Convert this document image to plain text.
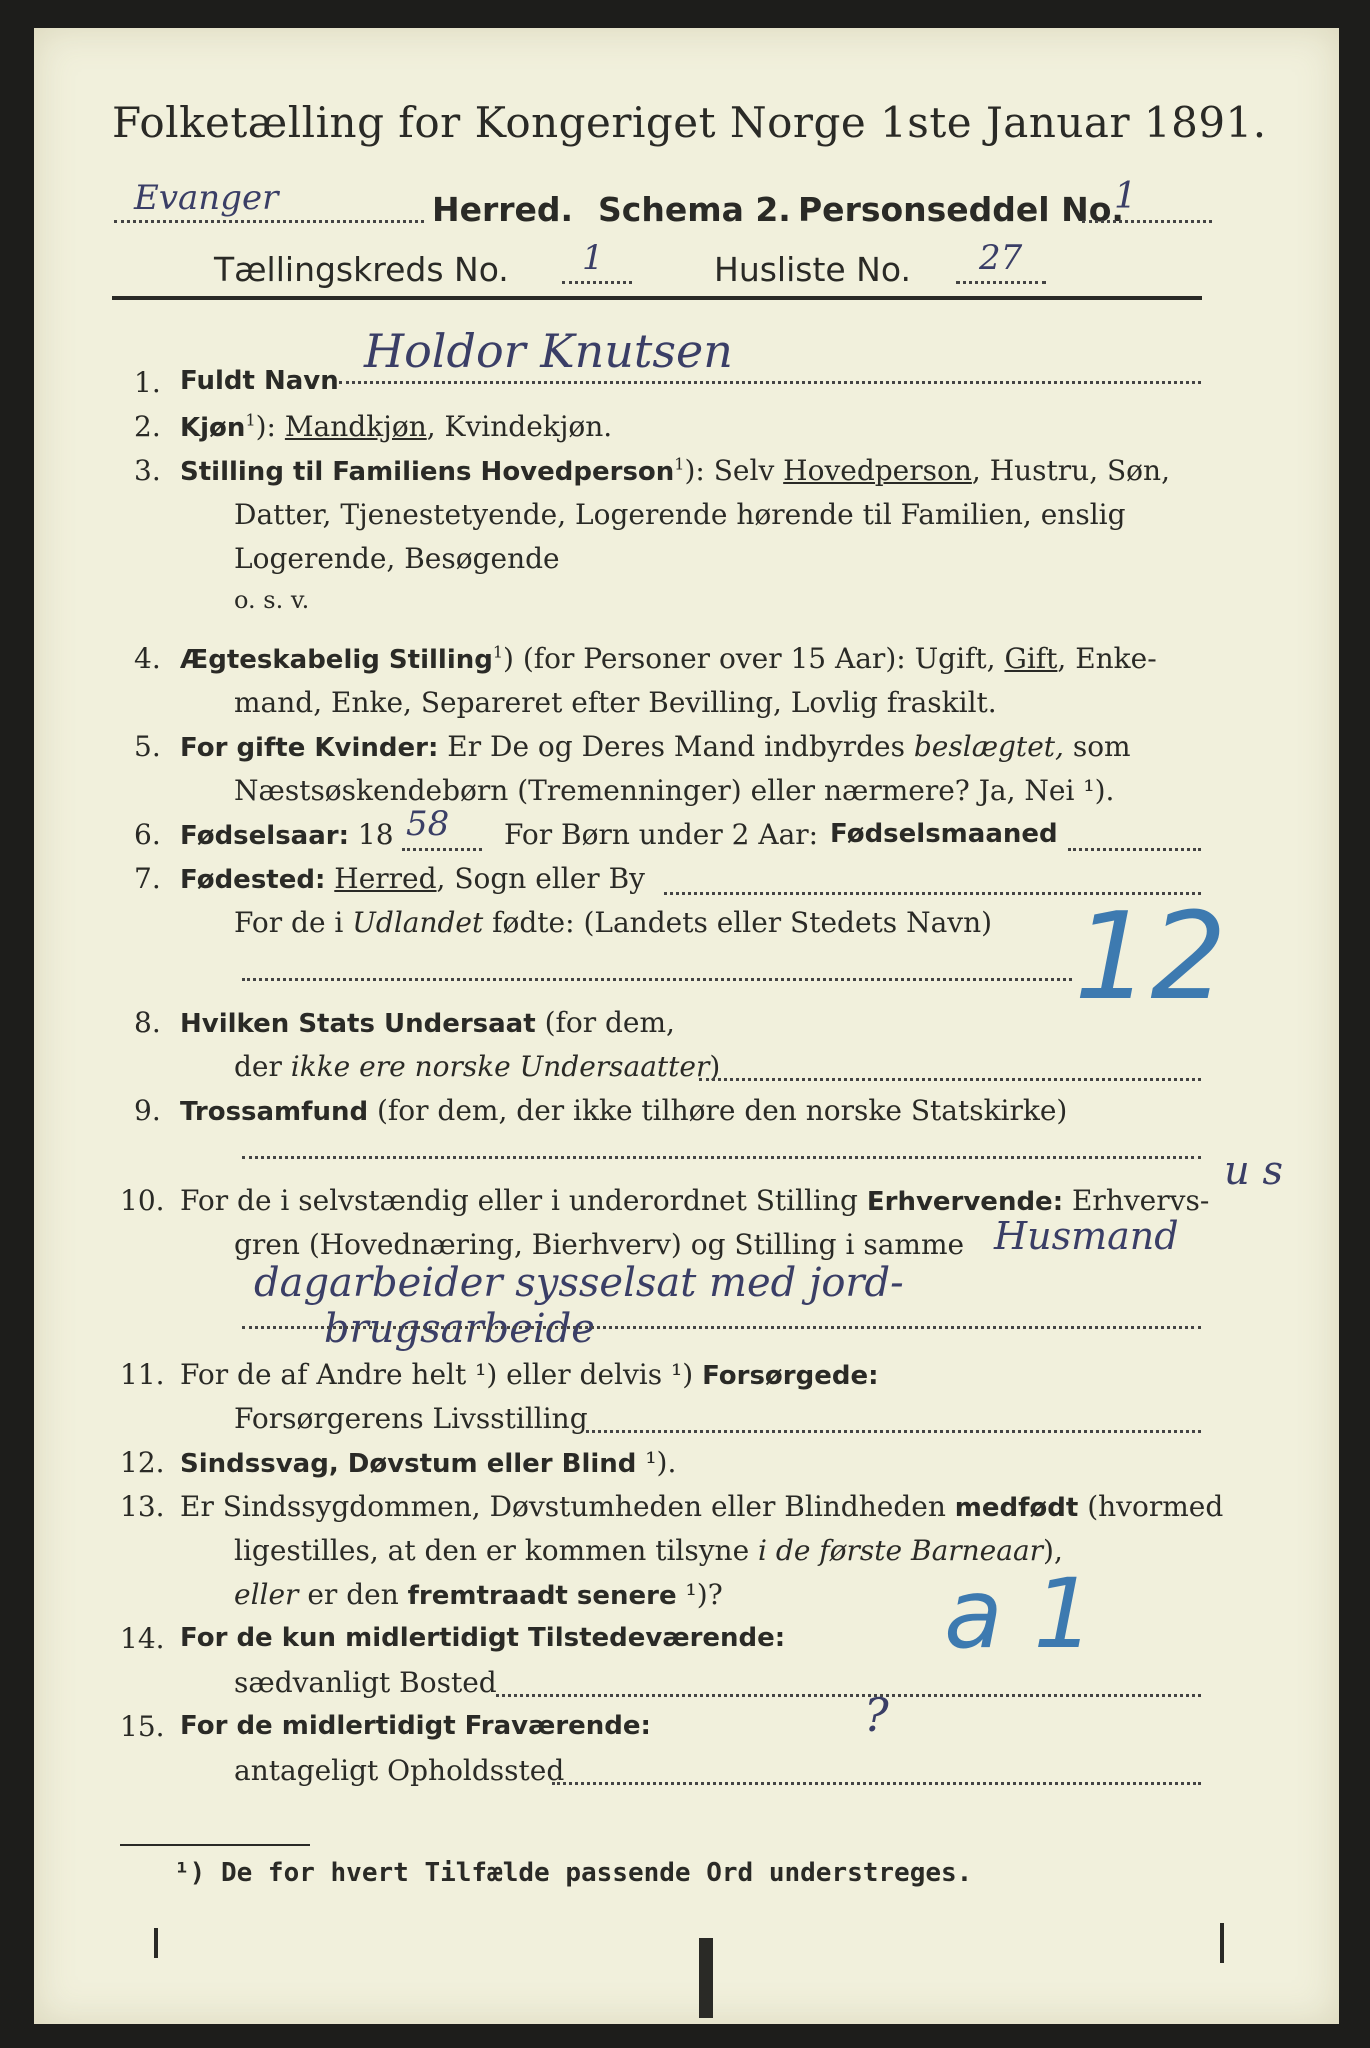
Folketælling for Kongeriget Norge 1ste Januar 1891.
Evanger	Herred. Schema 2. Personseddel No.
1
Tællingskreds No. 1	Husliste No. 27
1. Fuldt Navn
Holdor Knutsen
2. Kjøn$^1$): Mandkjøn, Kvindekjøn.
3. Stilling til Familiens Hovedperson$^1$): Selv Hovedperson, Hustru, Søn,
Datter, Tjenestetyende, Logerende hørende til Familien, enslig
Logerende, Besøgende
o. s. v.
4. Ægteskabelig Stilling$^1$) (for Personer over 15 Aar): Ugift, Gift, Enke-
mand, Enke, Separeret efter Bevilling, Lovlig fraskilt.
5. For gifte Kvinder: Er De og Deres Mand indbyrdes beslægtet, som
Næstsøskendebørn (Tremenninger) eller nærmere? Ja, Nei ¹).
6. Fødselsaar: 18 58 For Børn under 2 Aar: Fødselsmaaned
7. Fødested: Herred, Sogn eller By
For de i Udlandet fødte: (Landets eller Stedets Navn) 12
8. Hvilken Stats Undersaat (for dem,
der ikke ere norske Undersaatter)
9. Trossamfund (for dem, der ikke tilhøre den norske Statskirke)
10. For de i selvstændig eller i underordnet Stilling Erhvervende: Erhvervs-
u s
gren (Hovednæring, Bierhverv) og Stilling i samme Husmand
dagarbeider sysselsat med jord-
brugsarbeide
11. For de af Andre helt ¹) eller delvis ¹) Forsørgede:
Forsørgerens Livsstilling
12. Sindssvag, Døvstum eller Blind ¹).
13. Er Sindssygdommen, Døvstumheden eller Blindheden medfødt (hvormed
ligestilles, at den er kommen tilsyne i de første Barneaar),
eller er den fremtraadt senere ¹)?
14. For de kun midlertidigt Tilstedeværende:
sædvanligt Bosted
a 1
15. For de midlertidigt Fraværende:	?
antageligt Opholdssted
¹) De for hvert Tilfælde passende Ord understreges.
